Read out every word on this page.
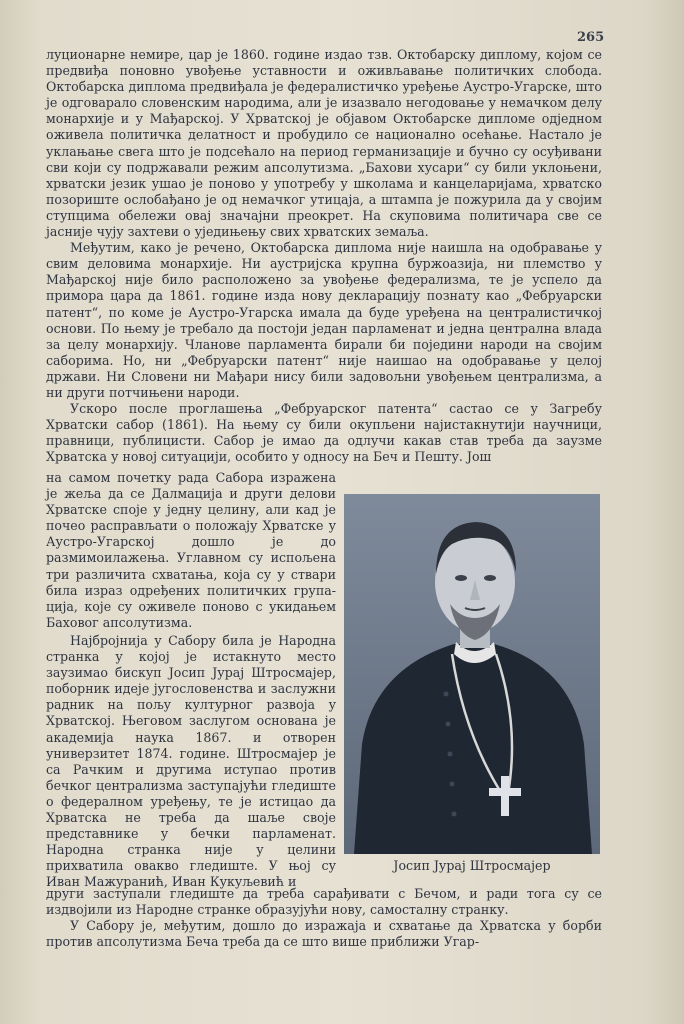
265

луционарне немире, цар је 1860. године издао тзв. Октобарску диплому, којом се предвиђа поновно увођење уставности и оживљавање политичких слобода. Октобарска диплома предвиђала је федералистичко уређење Аустро-Угарске, што је одговарало словенским народима, али је изазвало негодовање у немачком делу монархије и у Мађарској. У Хрватској је објавом Октобарске дипломе одједном оживела политичка делатност и пробудило се национално осећање. Настало је уклањање свега што је подсећало на период германизације и бучно су осуђивани сви који су подржавали режим апсолутизма. „Бахови хусари“ су били уклоњени, хрватски језик ушао је поново у употребу у школама и канцеларијама, хрватско позориште ослобађано је од немачког утицаја, а штампа је пожурила да у својим ступцима обележи овај значајни преокрет. На скуповима политичара све се јасније чују захтеви о уједињењу свих хрватских земаља.

Међутим, како је речено, Октобарска диплома није наишла на одобравање у свим деловима монархије. Ни аустријска крупна буржоазија, ни племство у Мађарској није било расположено за увођење федерализма, те је успело да примора цара да 1861. године изда нову декларацију познату као „Фебруарски патент“, по коме је Аустро-Угарска имала да буде уређена на централистичкој основи. По њему је требало да постоји један парламенат и једна централна влада за целу монархију. Чланове парламента бирали би поједини народи на својим саборима. Но, ни „Фебруарски патент“ није наишао на одобравање у целој држави. Ни Словени ни Мађари нису били задовољни увођењем централизма, а ни други потчињени народи.

Ускоро после проглашења „Фебруарског патента“ састао се у Загребу Хрватски сабор (1861). На њему су били окупљени најистакнутији научници, правници, публицисти. Сабор је имао да одлучи какав став треба да заузме Хрватска у новој ситуацији, особито у односу на Беч и Пешту. Још

на самом почетку рада Сабора изражена је жеља да се Далмација и други делови Хрватске споје у једну целину, али кад је почео расправљати о положају Хрватске у Аустро-Угарској дошло је до размимоилажења. Углавном су испољена три различита схватања, која су у ствари била израз одређених политичких групација, које су оживеле поново с укидањем Баховог апсолутизма.

Најбројнија у Сабору била је Народна странка у којој је истакнуто место заузимао бискуп Јосип Јурај Штросмајер, поборник идеје југословенства и заслужни радник на пољу културног развоја у Хрватској. Његовом заслугом основана је академија наука 1867. и отворен универзитет 1874. године. Штросмајер је са Рачким и другима иступао против бечког централизма заступајући гледиште о федералном уређењу, те је истицао да Хрватска не треба да шаље своје представнике у бечки парламенат. Народна странка није у целини прихватила овакво гледиште. У њој су Иван Мажуранић, Иван Кукуљевић и

Јосип Јурај Штросмајер

други заступали гледиште да треба сарађивати с Бечом, и ради тога су се издвојили из Народне странке образујући нову, самосталну странку.

У Сабору је, међутим, дошло до изражаја и схватање да Хрватска у борби против апсолутизма Беча треба да се што више приближи Угар-
